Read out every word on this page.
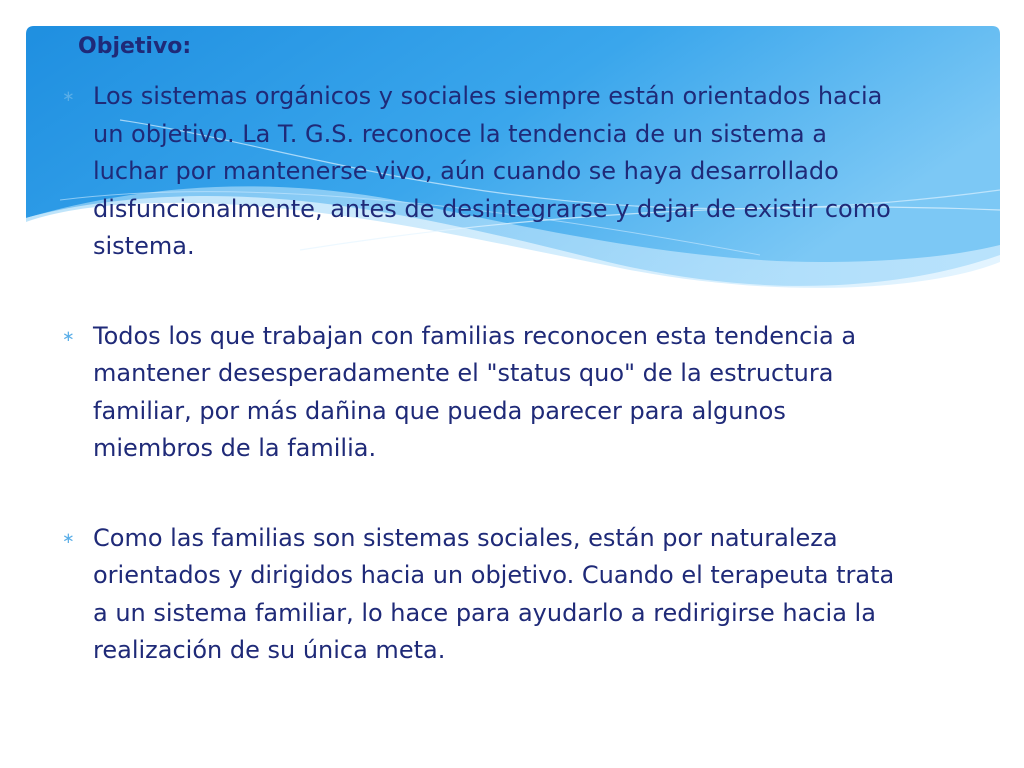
Objetivo:
∗ Los sistemas orgánicos y sociales siempre están orientados hacia un objetivo. La T. G.S. reconoce la tendencia de un sistema a luchar por mantenerse vivo, aún cuando se haya desarrollado disfuncionalmente, antes de desintegrarse y dejar de existir como sistema.
∗ Todos los que trabajan con familias reconocen esta tendencia a mantener desesperadamente el "status quo" de la estructura familiar, por más dañina que pueda parecer para algunos miembros de la familia.
∗ Como las familias son sistemas sociales, están por naturaleza orientados y dirigidos hacia un objetivo. Cuando el terapeuta trata a un sistema familiar, lo hace para ayudarlo a redirigirse hacia la realización de su única meta.
